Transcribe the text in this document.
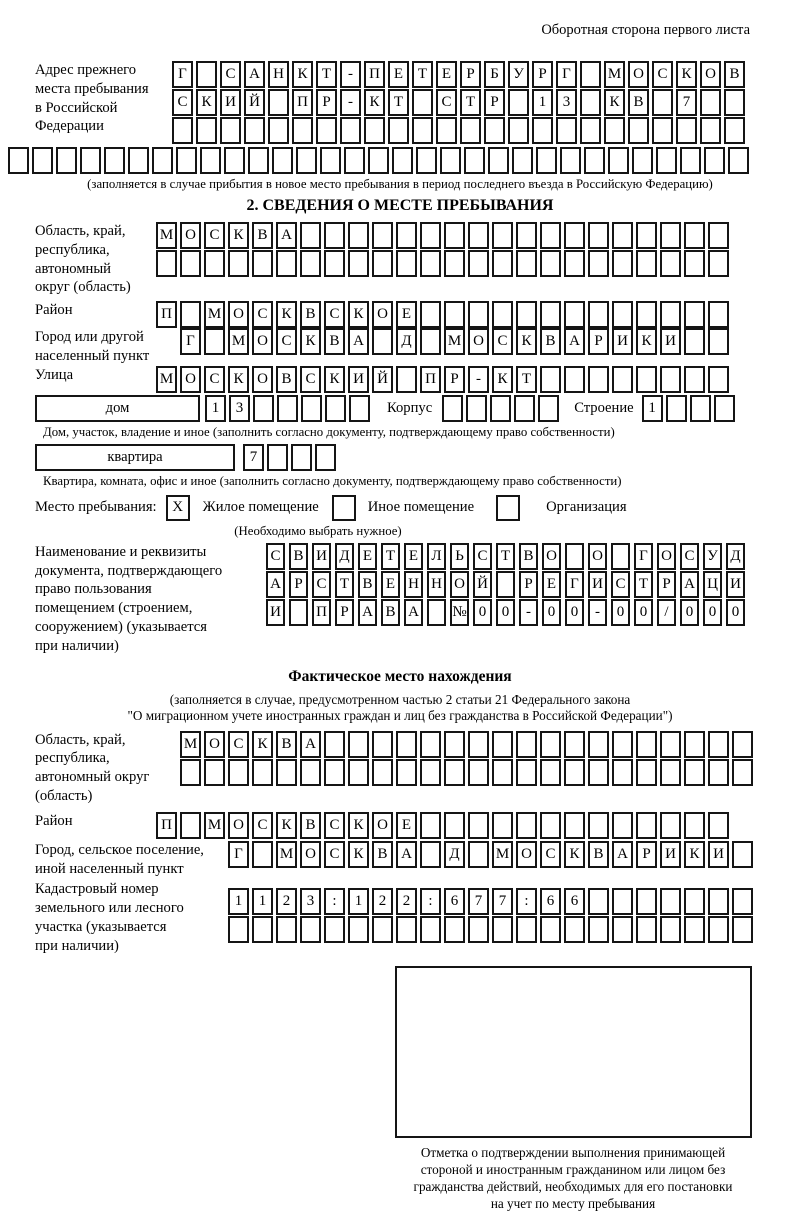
Оборотная сторона первого листа
Адрес прежнего
места пребывания
в Российской
Федерации
Г	С А Н К Т	-	П Е Т Е	Р	Б У Р	Г	М О С К О В
С К И Й	П Р	-	К Т	С Т	Р	1	3	К В	7
(заполняется в случае прибытия в новое место пребывания в период последнего въезда в Российскую Федерацию)
2. СВЕДЕНИЯ О МЕСТЕ ПРЕБЫВАНИЯ
Область, край,
республика,
автономный
округ (область)
М О С К В А
Район	П	М О С К В С К О Е
Город или другой
населенный пункт
Г	М О С К В А	Д	М О С К В А Р И К И
Улица	М О С К О В С К И Й	П Р	-	К Т
дом	1	3	Корпус	Строение 1
Дом, участок, владение и иное (заполнить согласно документу, подтверждающему право собственности)
квартира	7
Квартира, комната, офис и иное (заполнить согласно документу, подтверждающему право собственности)
Место пребывания:	X	Жилое помещение	Иное помещение	Организация
(Необходимо выбрать нужное)
Наименование и реквизиты
документа, подтверждающего
право пользования
помещением (строением,
сооружением) (указывается
при наличии)
С В И Д Е Т Е Л Ь С Т В О О	Г О С У Д
А Р С Т В Е Н Н О Й	Р Е Г И С Т Р А Ц И
И П Р А В А № 0	0	-	0	0	-	0	0	/	0	0	0
Фактическое место нахождения
(заполняется в случае, предусмотренном частью 2 статьи 21 Федерального закона
"О миграционном учете иностранных граждан и лиц без гражданства в Российской Федерации")
Область, край,
республика,
автономный округ
(область)
М О С К В А
Район	П	М О С К В С К О Е
Город, сельское поселение,
иной населенный пункт
Г	М О С К В А	Д	М О С К В А Р И К И
Кадастровый номер
земельного или лесного
участка (указывается
при наличии)
1	1	2	3	:	1	2	2	:	6	7	7	:	6	6
Отметка о подтверждении выполнения принимающей
стороной и иностранным гражданином или лицом без
гражданства действий, необходимых для его постановки
на учет по месту пребывания
